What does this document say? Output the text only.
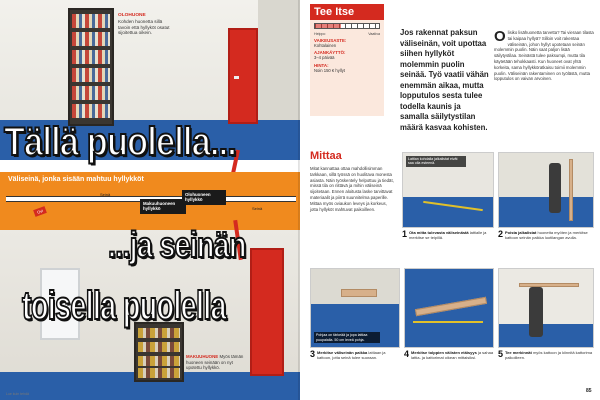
OLOHUONE
Kohden huonetta sillä tavoin että hyllyköt osatut sijoitettua oikein.
Väliseinä, jonka sisään mahtuu hyllykköt
Seinä
Seinä
Ovi
Makuuhuoneen hyllykkö
Olohuoneen hyllykkö
Tällä puolella...
...ja seinän
toisella puolella
MAKUUHUONE Myös tämän huoneen seinään on nyt upotettu hyllykkö.
Lue kuin tehdä
Tee Itse
Helppo	Vaativa
VAIKEUSASTE:
Kohtalainen
AJANKÄYTTÖ:
3–4 päivää
HINTA:
Noin 150 € hyllyt
Jos rakennat paksun väliseinän, voit upottaa siihen hyllyköt molemmin puolin seinää. Työ vaatii vähän enemmän aikaa, mutta lopputulos sesta tulee todella kaunis ja samalla säilytystilan määrä kasvaa kohisten.
O lisiko lisähuonetta tarvetta? Tai vieraan tilasta tai kaipaa hyllyä? Silloin voit rakentaa väliseinän, johon hyllyt upotetaan seinän molemmin puolin. Näin saat paljon lisää säilytystilaa. Seinästä tulee paksumpi, mutta tila käytetään tehokkaasti. Kun huoneet ovat yhtä korkeita, sama hyllykköratkaisu toimii molemmin puolin. Väliseinän rakentaminen on työlästä, mutta lopputulos on vaivan arvoinen.
Mittaa
Mitat kannattaa ottaa mahdollisimman tarkkaan, sillä työssä on huolitava monesta asiasta. Näin työskentely helpottuu ja tiedät, missä tila on riittävä ja mihin väliseinä sijoitetaan. Ennen aloitusta laske tarvittavat materiaalit ja piirrä suunnitelma paperille. Mittaa myös oviaukon leveys ja korkeus, jotta hyllyköt mahtuvat paikoilleen.
Lattian kohdalla jalkalistat eivät saa olla esteenä.
1 Ota mitta tulevasta väliseinästä lattialle ja merkitse se teipillä.	2 Poista jalkalistat huonetta myöten ja merkitse kattoon seinän paikka luotilangan avulla.
Pohjaa on tärkeää ja jopa lattiaa puupalalla. 50 cm leveä pohja.
3 Merkitse väliseinän paikka lattiaan ja kattoon, jotta seinä tulee suoraan.	4 Merkitse tolppien välisten etäisyys ja sahaa lattia- ja kattorimat oikean mittaisiksi.	5 Tee merkinnät myös kattoon ja kiinnitä kattorima paikoilleen.
85
